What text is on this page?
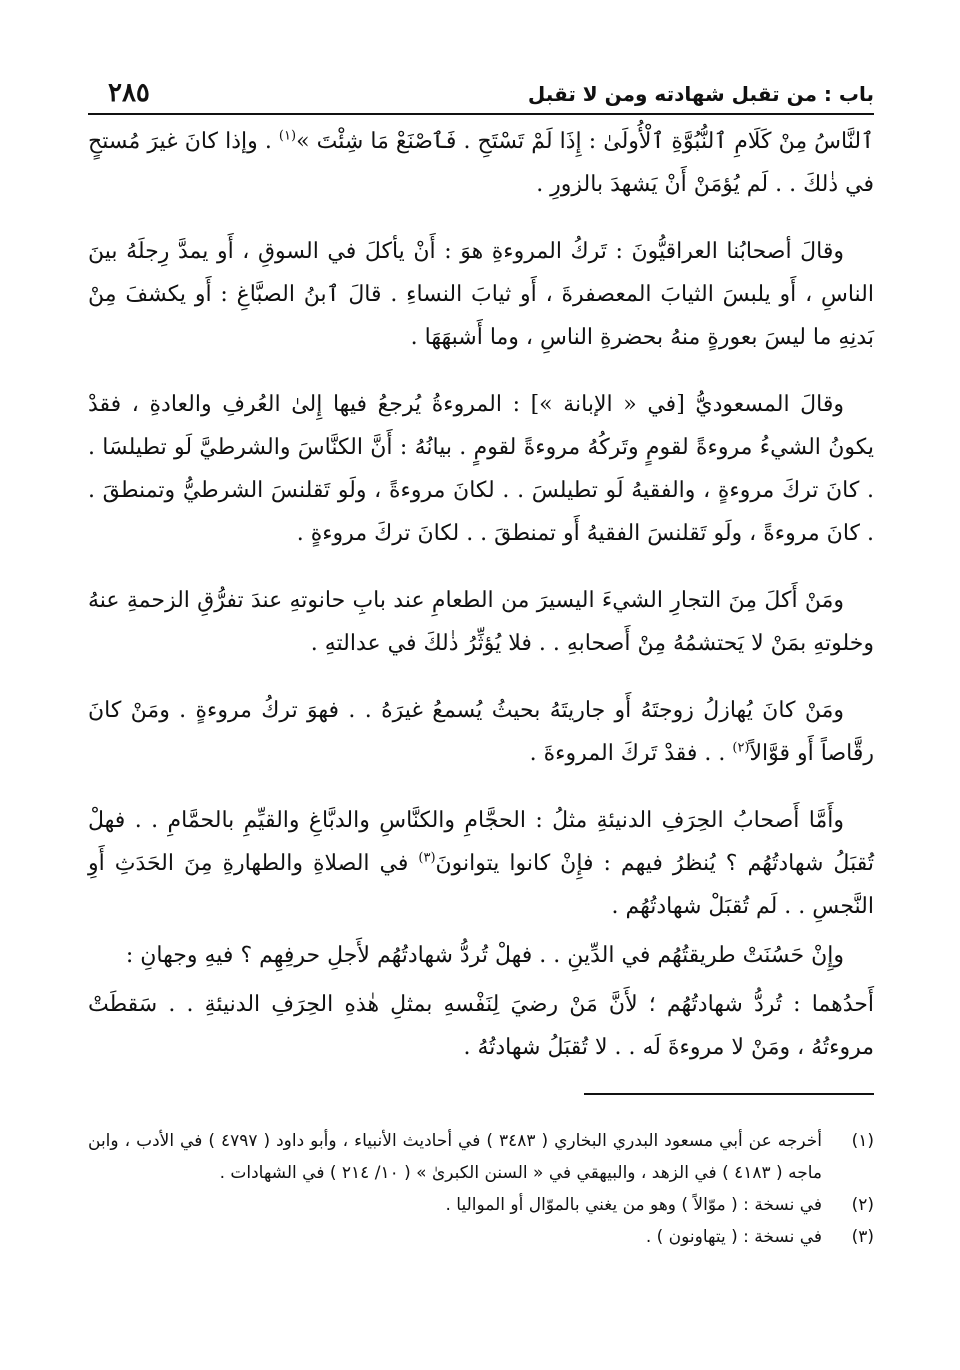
باب : من تقبل شهادته ومن لا تقبل
٢٨٥

ٱلنَّاسُ مِنْ كَلَامِ ٱلنُّبُوَّةِ ٱلْأُولَىٰ : إِذَا لَمْ تَسْتَحِ . فَٱصْنَعْ مَا شِئْتَ »$^{(١)}$ . وإذا كانَ غيرَ مُستحٍ في ذٰلكَ . . لَم يُؤمَنْ أَنْ يَشهدَ بالزورِ .

وقالَ أصحابُنا العراقيُّونَ : تَركُ المروءةِ هوَ : أَنْ يأكلَ في السوقِ ، أَو يمدَّ رِجلَهُ بينَ الناسِ ، أَو يلبسَ الثيابَ المعصفرةَ ، أَو ثيابَ النساءِ . قالَ ٱبنُ الصبَّاغِ : أَو يكشفَ مِنْ بَدنِهِ ما ليسَ بعورةٍ منهُ بحضرةِ الناسِ ، وما أَشبهَهَا .

وقالَ المسعوديُّ [في « الإبانة »] : المروءةُ يُرجعُ فيها إِلىٰ العُرفِ والعادةِ ، فقدْ يكونُ الشيءُ مروءةً لقومٍ وتَركُهُ مروءةً لقومٍ . بيانُهُ : أَنَّ الكنَّاسَ والشرطيَّ لَو تطيلسَا . . كانَ تركَ مروءةٍ ، والفقيهُ لَو تطيلسَ . . لكانَ مروءةً ، ولَو تَقلنسَ الشرطيُّ وتمنطقَ . . كانَ مروءةً ، ولَو تَقلنسَ الفقيهُ أَو تمنطقَ . . لكانَ تركَ مروءةٍ .

ومَنْ أَكلَ مِنَ التجارِ الشيءَ اليسيرَ من الطعامِ عند بابِ حانوتهِ عندَ تفرُّقِ الزحمةِ عنهُ وخلوتهِ بمَنْ لا يَحتشمُهُ مِنْ أَصحابهِ . . فلا يُؤثِّرُ ذٰلكَ في عدالتهِ .

ومَنْ كانَ يُهازلُ زوجتَهُ أَو جاريتَهُ بحيثُ يُسمعُ غيرَهُ . . فهوَ تركُ مروءةٍ . ومَنْ كانَ رقَّاصاً أَو قوَّالاً$^{(٢)}$ . . فقدْ تَركَ المروءةَ .

وأَمَّا أَصحابُ الحِرَفِ الدنيئةِ مثلُ : الحجَّامِ والكنَّاسِ والدبَّاغِ والقيِّمِ بالحمَّامِ . . فهلْ تُقبَلُ شهادتُهُم ؟ يُنظرُ فيهم : فإِنْ كانوا يتوانونَ$^{(٣)}$ في الصلاةِ والطهارةِ مِنَ الحَدَثِ أَوِ النَّجسِ . . لَم تُقبَلْ شهادتُهُم .

وإِنْ حَسُنَتْ طريقتُهُم في الدِّينِ . . فهلْ تُردُّ شهادتُهُم لأَجلِ حرفِهِم ؟ فيهِ وجهانِ :

أَحدُهما : تُردُّ شهادتُهُم ؛ لأَنَّ مَنْ رضيَ لِنَفْسهِ بمثلِ هٰذهِ الحِرَفِ الدنيئةِ . . سَقطَتْ مروءتُهُ ، ومَنْ لا مروءةَ لَه . . لا تُقبَلُ شهادتُهُ .

(١)
أخرجه عن أبي مسعود البدري البخاري ( ٣٤٨٣ ) في أحاديث الأنبياء ، وأبو داود ( ٤٧٩٧ ) في الأدب ، وابن ماجه ( ٤١٨٣ ) في الزهد ، والبيهقي في « السنن الكبرىٰ » ( ١٠/ ٢١٤ ) في الشهادات .
(٢)
في نسخة : ( موّالاً ) وهو من يغني بالموّال أو المواليا .
(٣)
في نسخة : ( يتهاونون ) .
